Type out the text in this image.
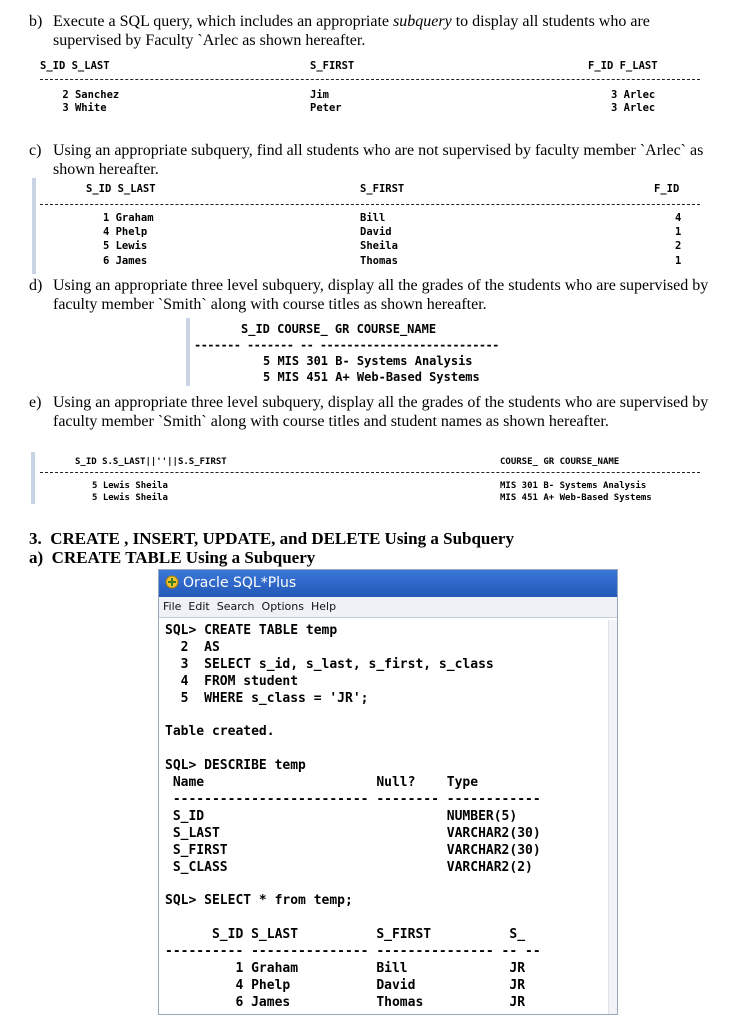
b) Execute a SQL query, which includes an appropriate subquery to display all students who are supervised by Faculty `Arlec as shown hereafter.
S_ID S_LAST	S_FIRST	F_ID F_LAST
2 Sanchez	Jim	3 Arlec
3 White	Peter	3 Arlec
c) Using an appropriate subquery, find all students who are not supervised by faculty member `Arlec` as shown hereafter.
S_ID S_LAST	S_FIRST	F_ID
1 Graham	Bill	4
4 Phelp	David	1
5 Lewis	Sheila	2
6 James	Thomas	1
d) Using an appropriate three level subquery, display all the grades of the students who are supervised by faculty member `Smith` along with course titles as shown hereafter.
S_ID COURSE_ GR COURSE_NAME
------- ------- -- ---------------------------
5 MIS 301 B- Systems Analysis
5 MIS 451 A+ Web-Based Systems
e) Using an appropriate three level subquery, display all the grades of the students who are supervised by faculty member `Smith` along with course titles and student names as shown hereafter.
S_ID S.S_LAST||''||S.S_FIRST	COURSE_ GR COURSE_NAME
5 Lewis Sheila	MIS 301 B- Systems Analysis
5 Lewis Sheila	MIS 451 A+ Web-Based Systems
3.  CREATE , INSERT, UPDATE, and DELETE Using a Subquery
a)  CREATE TABLE Using a Subquery
Oracle SQL*Plus
File Edit Search Options Help
SQL> CREATE TABLE temp
2  AS
3  SELECT s_id, s_last, s_first, s_class
4  FROM student
5  WHERE s_class = 'JR';
Table created.
SQL> DESCRIBE temp
Name                      Null?    Type
------------------------- -------- ------------
S_ID                               NUMBER(5)
S_LAST                             VARCHAR2(30)
S_FIRST                            VARCHAR2(30)
S_CLASS                            VARCHAR2(2)
SQL> SELECT * from temp;
S_ID S_LAST          S_FIRST          S_
---------- --------------- --------------- -- --
1 Graham          Bill             JR
4 Phelp           David            JR
6 James           Thomas           JR
